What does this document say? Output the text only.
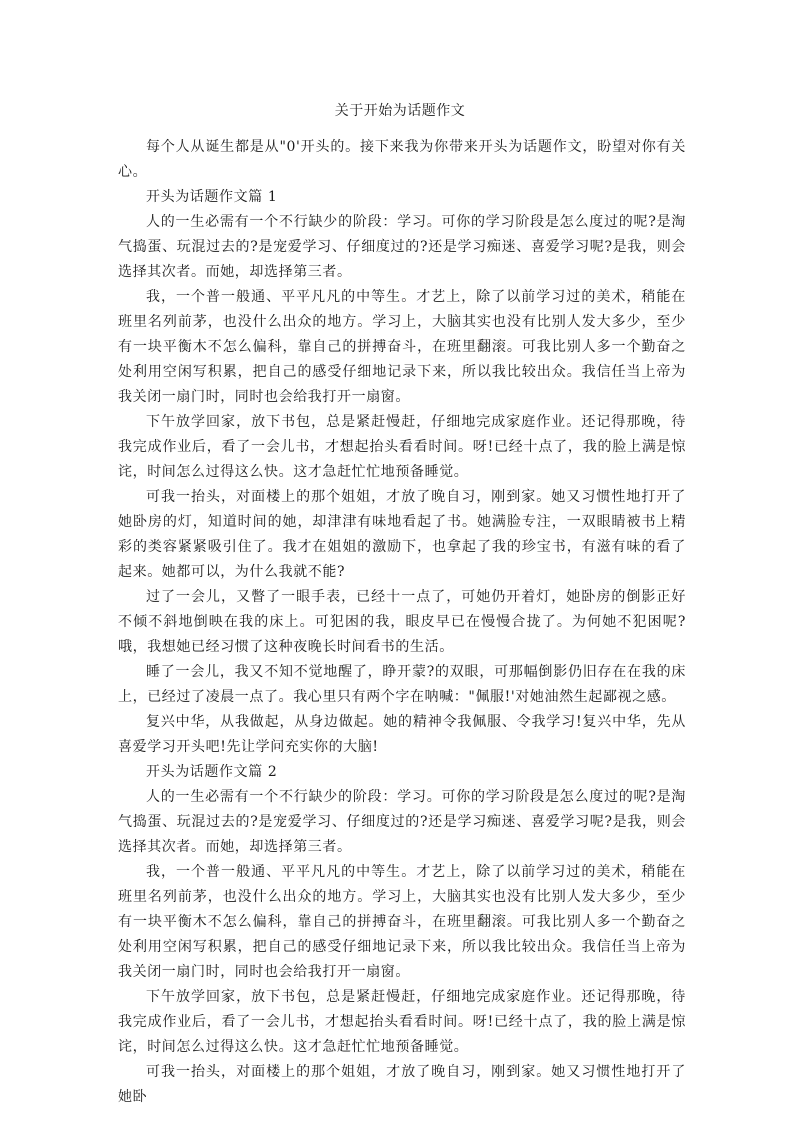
关于开始为话题作文

每个人从诞生都是从"0'开头的。接下来我为你带来开头为话题作文，盼望对你有关心。

开头为话题作文篇 1

人的一生必需有一个不行缺少的阶段：学习。可你的学习阶段是怎么度过的呢?是淘气捣蛋、玩混过去的?是宠爱学习、仔细度过的?还是学习痴迷、喜爱学习呢?是我，则会选择其次者。而她，却选择第三者。

我，一个普一般通、平平凡凡的中等生。才艺上，除了以前学习过的美术，稍能在班里名列前茅，也没什么出众的地方。学习上，大脑其实也没有比别人发大多少，至少有一块平衡木不怎么偏科，靠自己的拼搏奋斗，在班里翻滚。可我比别人多一个勤奋之处利用空闲写积累，把自己的感受仔细地记录下来，所以我比较出众。我信任当上帝为我关闭一扇门时，同时也会给我打开一扇窗。

下午放学回家，放下书包，总是紧赶慢赶，仔细地完成家庭作业。还记得那晚，待我完成作业后，看了一会儿书，才想起抬头看看时间。呀!已经十点了，我的脸上满是惊诧，时间怎么过得这么快。这才急赶忙忙地预备睡觉。

可我一抬头，对面楼上的那个姐姐，才放了晚自习，刚到家。她又习惯性地打开了她卧房的灯，知道时间的她，却津津有味地看起了书。她满脸专注，一双眼睛被书上精彩的类容紧紧吸引住了。我才在姐姐的激励下，也拿起了我的珍宝书，有滋有味的看了起来。她都可以，为什么我就不能?

过了一会儿，又瞥了一眼手表，已经十一点了，可她仍开着灯，她卧房的倒影正好不倾不斜地倒映在我的床上。可犯困的我，眼皮早已在慢慢合拢了。为何她不犯困呢?哦，我想她已经习惯了这种夜晚长时间看书的生活。

睡了一会儿，我又不知不觉地醒了，睁开蒙?的双眼，可那幅倒影仍旧存在在我的床上，已经过了凌晨一点了。我心里只有两个字在呐喊："佩服!'对她油然生起鄙视之感。

复兴中华，从我做起，从身边做起。她的精神令我佩服、令我学习!复兴中华，先从喜爱学习开头吧!先让学问充实你的大脑!

开头为话题作文篇 2

人的一生必需有一个不行缺少的阶段：学习。可你的学习阶段是怎么度过的呢?是淘气捣蛋、玩混过去的?是宠爱学习、仔细度过的?还是学习痴迷、喜爱学习呢?是我，则会选择其次者。而她，却选择第三者。

我，一个普一般通、平平凡凡的中等生。才艺上，除了以前学习过的美术，稍能在班里名列前茅，也没什么出众的地方。学习上，大脑其实也没有比别人发大多少，至少有一块平衡木不怎么偏科，靠自己的拼搏奋斗，在班里翻滚。可我比别人多一个勤奋之处利用空闲写积累，把自己的感受仔细地记录下来，所以我比较出众。我信任当上帝为我关闭一扇门时，同时也会给我打开一扇窗。

下午放学回家，放下书包，总是紧赶慢赶，仔细地完成家庭作业。还记得那晚，待我完成作业后，看了一会儿书，才想起抬头看看时间。呀!已经十点了，我的脸上满是惊诧，时间怎么过得这么快。这才急赶忙忙地预备睡觉。

可我一抬头，对面楼上的那个姐姐，才放了晚自习，刚到家。她又习惯性地打开了她卧
